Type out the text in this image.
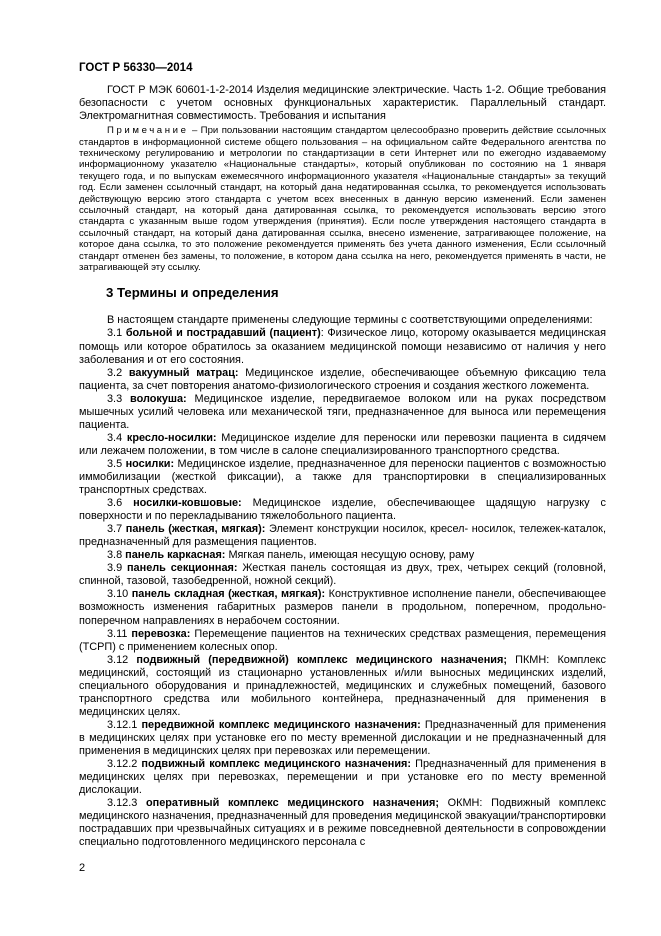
ГОСТ Р 56330—2014

ГОСТ Р МЭК 60601-1-2-2014 Изделия медицинские электрические. Часть 1-2. Общие требования безопасности с учетом основных функциональных характеристик. Параллельный стандарт. Электромагнитная совместимость. Требования и испытания

Примечание – При пользовании настоящим стандартом целесообразно проверить действие ссылочных стандартов в информационной системе общего пользования – на официальном сайте Федерального агентства по техническому регулированию и метрологии по стандартизации в сети Интернет или по ежегодно издаваемому информационному указателю «Национальные стандарты», который опубликован по состоянию на 1 января текущего года, и по выпускам ежемесячного информационного указателя «Национальные стандарты» за текущий год. Если заменен ссылочный стандарт, на который дана недатированная ссылка, то рекомендуется использовать действующую версию этого стандарта с учетом всех внесенных в данную версию изменений. Если заменен ссылочный стандарт, на который дана датированная ссылка, то рекомендуется использовать версию этого стандарта с указанным выше годом утверждения (принятия). Если после утверждения настоящего стандарта в ссылочный стандарт, на который дана датированная ссылка, внесено изменение, затрагивающее положение, на которое дана ссылка, то это положение рекомендуется применять без учета данного изменения, Если ссылочный стандарт отменен без замены, то положение, в котором дана ссылка на него, рекомендуется применять в части, не затрагивающей эту ссылку.

3 Термины и определения

В настоящем стандарте применены следующие термины с соответствующими определениями:

3.1 больной и пострадавший (пациент): Физическое лицо, которому оказывается медицинская помощь или которое обратилось за оказанием медицинской помощи независимо от наличия у него заболевания и от его состояния.

3.2 вакуумный матрац: Медицинское изделие, обеспечивающее объемную фиксацию тела пациента, за счет повторения анатомо-физиологического строения и создания жесткого ложемента.

3.3 волокуша: Медицинское изделие, передвигаемое волоком или на руках посредством мышечных усилий человека или механической тяги, предназначенное для выноса или перемещения пациента.

3.4 кресло-носилки: Медицинское изделие для переноски или перевозки пациента в сидячем или лежачем положении, в том числе в салоне специализированного транспортного средства.

3.5 носилки: Медицинское изделие, предназначенное для переноски пациентов с возможностью иммобилизации (жесткой фиксации), а также для транспортировки в специализированных транспортных средствах.

3.6 носилки-ковшовые: Медицинское изделие, обеспечивающее щадящую нагрузку с поверхности и по перекладыванию тяжелобольного пациента.

3.7 панель (жесткая, мягкая): Элемент конструкции носилок, кресел- носилок, тележек-каталок, предназначенный для размещения пациентов.

3.8 панель каркасная: Мягкая панель, имеющая несущую основу, раму

3.9 панель секционная: Жесткая панель состоящая из двух, трех, четырех секций (головной, спинной, тазовой, тазобедренной, ножной секций).

3.10 панель складная (жесткая, мягкая): Конструктивное исполнение панели, обеспечивающее возможность изменения габаритных размеров панели в продольном, поперечном, продольно-поперечном направлениях в нерабочем состоянии.

3.11 перевозка: Перемещение пациентов на технических средствах размещения, перемещения (ТСРП) с применением колесных опор.

3.12 подвижный (передвижной) комплекс медицинского назначения; ПКМН: Комплекс медицинский, состоящий из стационарно установленных и/или выносных медицинских изделий, специального оборудования и принадлежностей, медицинских и служебных помещений, базового транспортного средства или мобильного контейнера, предназначенный для применения в медицинских целях.

3.12.1 передвижной комплекс медицинского назначения: Предназначенный для применения в медицинских целях при установке его по месту временной дислокации и не предназначенный для применения в медицинских целях при перевозках или перемещении.

3.12.2 подвижный комплекс медицинского назначения: Предназначенный для применения в медицинских целях при перевозках, перемещении и при установке его по месту временной дислокации.

3.12.3 оперативный комплекс медицинского назначения; ОКМН: Подвижный комплекс медицинского назначения, предназначенный для проведения медицинской эвакуации/транспортировки пострадавших при чрезвычайных ситуациях и в режиме повседневной деятельности в сопровождении специально подготовленного медицинского персонала с

2
